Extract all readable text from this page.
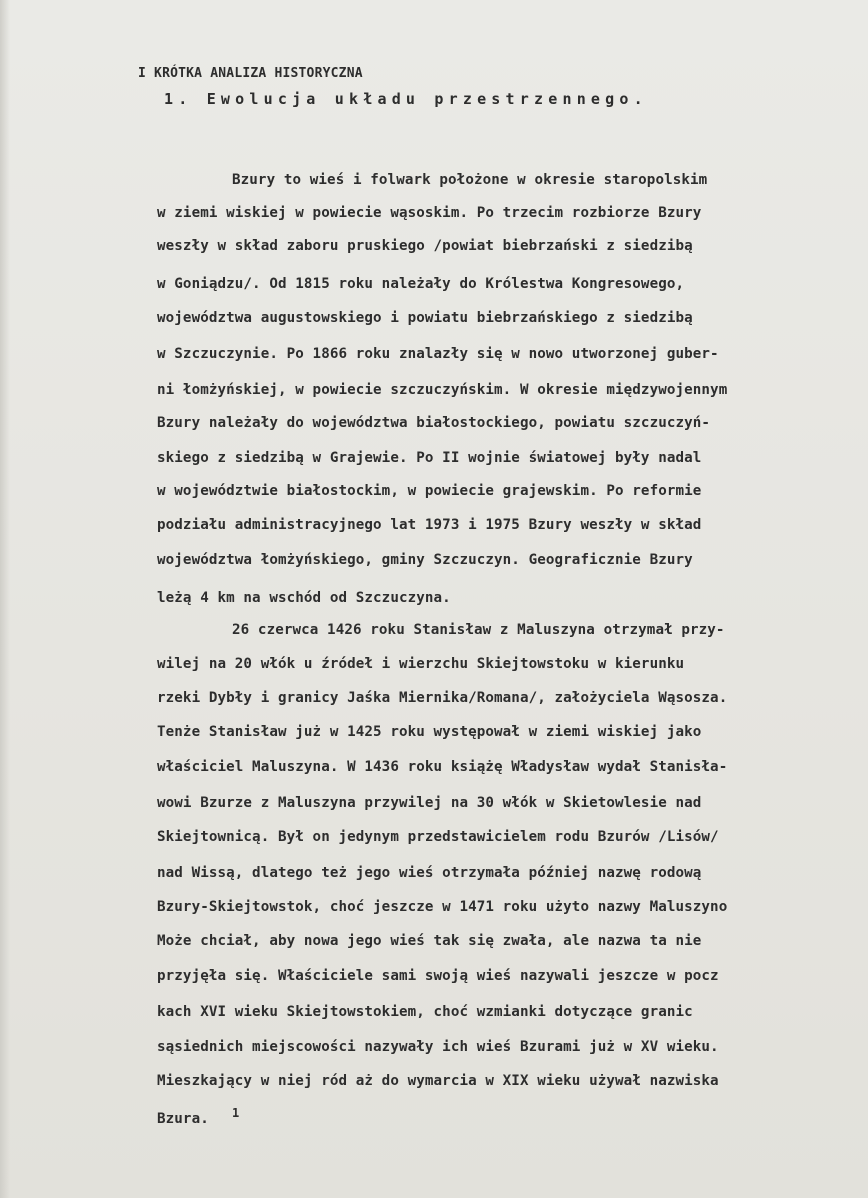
I KRÓTKA ANALIZA HISTORYCZNA
1. Ewolucja układu przestrzennego.
Bzury to wieś i folwark położone w okresie staropolskim
w ziemi wiskiej w powiecie wąsoskim. Po trzecim rozbiorze Bzury
weszły w skład zaboru pruskiego /powiat biebrzański z siedzibą
w Goniądzu/. Od 1815 roku należały do Królestwa Kongresowego,
województwa augustowskiego i powiatu biebrzańskiego z siedzibą
w Szczuczynie. Po 1866 roku znalazły się w nowo utworzonej guber-
ni łomżyńskiej, w powiecie szczuczyńskim. W okresie międzywojennym
Bzury należały do województwa białostockiego, powiatu szczuczyń-
skiego z siedzibą w Grajewie. Po II wojnie światowej były nadal
w województwie białostockim, w powiecie grajewskim. Po reformie
podziału administracyjnego lat 1973 i 1975 Bzury weszły w skład
województwa łomżyńskiego, gminy Szczuczyn. Geograficznie Bzury
leżą 4 km na wschód od Szczuczyna.
26 czerwca 1426 roku Stanisław z Maluszyna otrzymał przy-
wilej na 20 włók u źródeł i wierzchu Skiejtowstoku w kierunku
rzeki Dybły i granicy Jaśka Miernika/Romana/, założyciela Wąsosza.
Tenże Stanisław już w 1425 roku występował w ziemi wiskiej jako
właściciel Maluszyna. W 1436 roku książę Władysław wydał Stanisła-
wowi Bzurze z Maluszyna przywilej na 30 włók w Skietowlesie nad
Skiejtownicą. Był on jedynym przedstawicielem rodu Bzurów /Lisów/
nad Wissą, dlatego też jego wieś otrzymała później nazwę rodową
Bzury-Skiejtowstok, choć jeszcze w 1471 roku użyto nazwy Maluszyno
Może chciał, aby nowa jego wieś tak się zwała, ale nazwa ta nie
przyjęła się. Właściciele sami swoją wieś nazywali jeszcze w pocz
kach XVI wieku Skiejtowstokiem, choć wzmianki dotyczące granic
sąsiednich miejscowości nazywały ich wieś Bzurami już w XV wieku.
Mieszkający w niej ród aż do wymarcia w XIX wieku używał nazwiska
Bzura. 1
